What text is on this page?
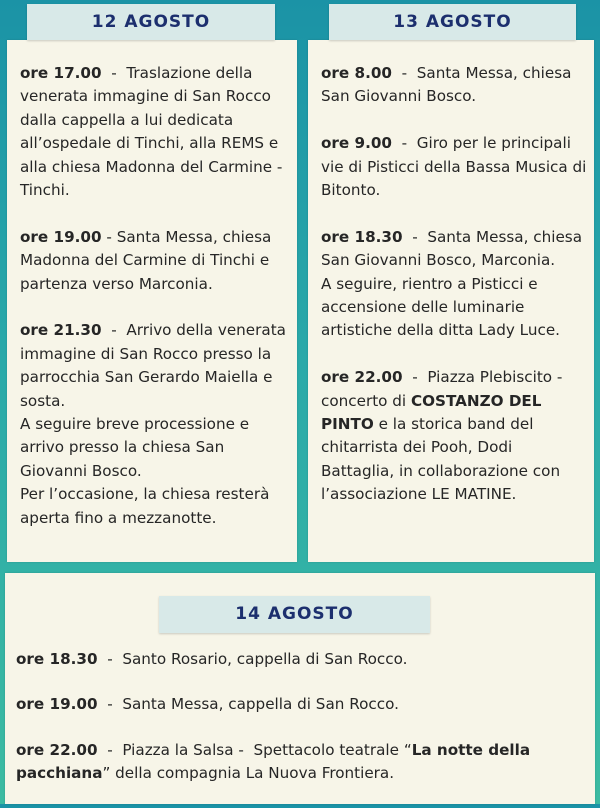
12 AGOSTO
ore 17.00  -  Traslazione della venerata immagine di San Rocco dalla cappella a lui dedicata all’ospedale di Tinchi, alla REMS e alla chiesa Madonna del Carmine - Tinchi.
ore 19.00 - Santa Messa, chiesa Madonna del Carmine di Tinchi e partenza verso Marconia.
ore 21.30  -  Arrivo della venerata immagine di San Rocco presso la parrocchia San Gerardo Maiella e sosta.
A seguire breve processione e arrivo presso la chiesa San Giovanni Bosco.
Per l’occasione, la chiesa resterà aperta fino a mezzanotte.
13 AGOSTO
ore 8.00  -  Santa Messa, chiesa San Giovanni Bosco.
ore 9.00  -  Giro per le principali vie di Pisticci della Bassa Musica di Bitonto.
ore 18.30  -  Santa Messa, chiesa San Giovanni Bosco, Marconia.
A seguire, rientro a Pisticci e accensione delle luminarie artistiche della ditta Lady Luce.
ore 22.00  -  Piazza Plebiscito - concerto di COSTANZO DEL PINTO e la storica band del chitarrista dei Pooh, Dodi Battaglia, in collaborazione con l’associazione LE MATINE.
14 AGOSTO
ore 18.30  -  Santo Rosario, cappella di San Rocco.
ore 19.00  -  Santa Messa, cappella di San Rocco.
ore 22.00  -  Piazza la Salsa -  Spettacolo teatrale “La notte della
pacchiana” della compagnia La Nuova Frontiera.
